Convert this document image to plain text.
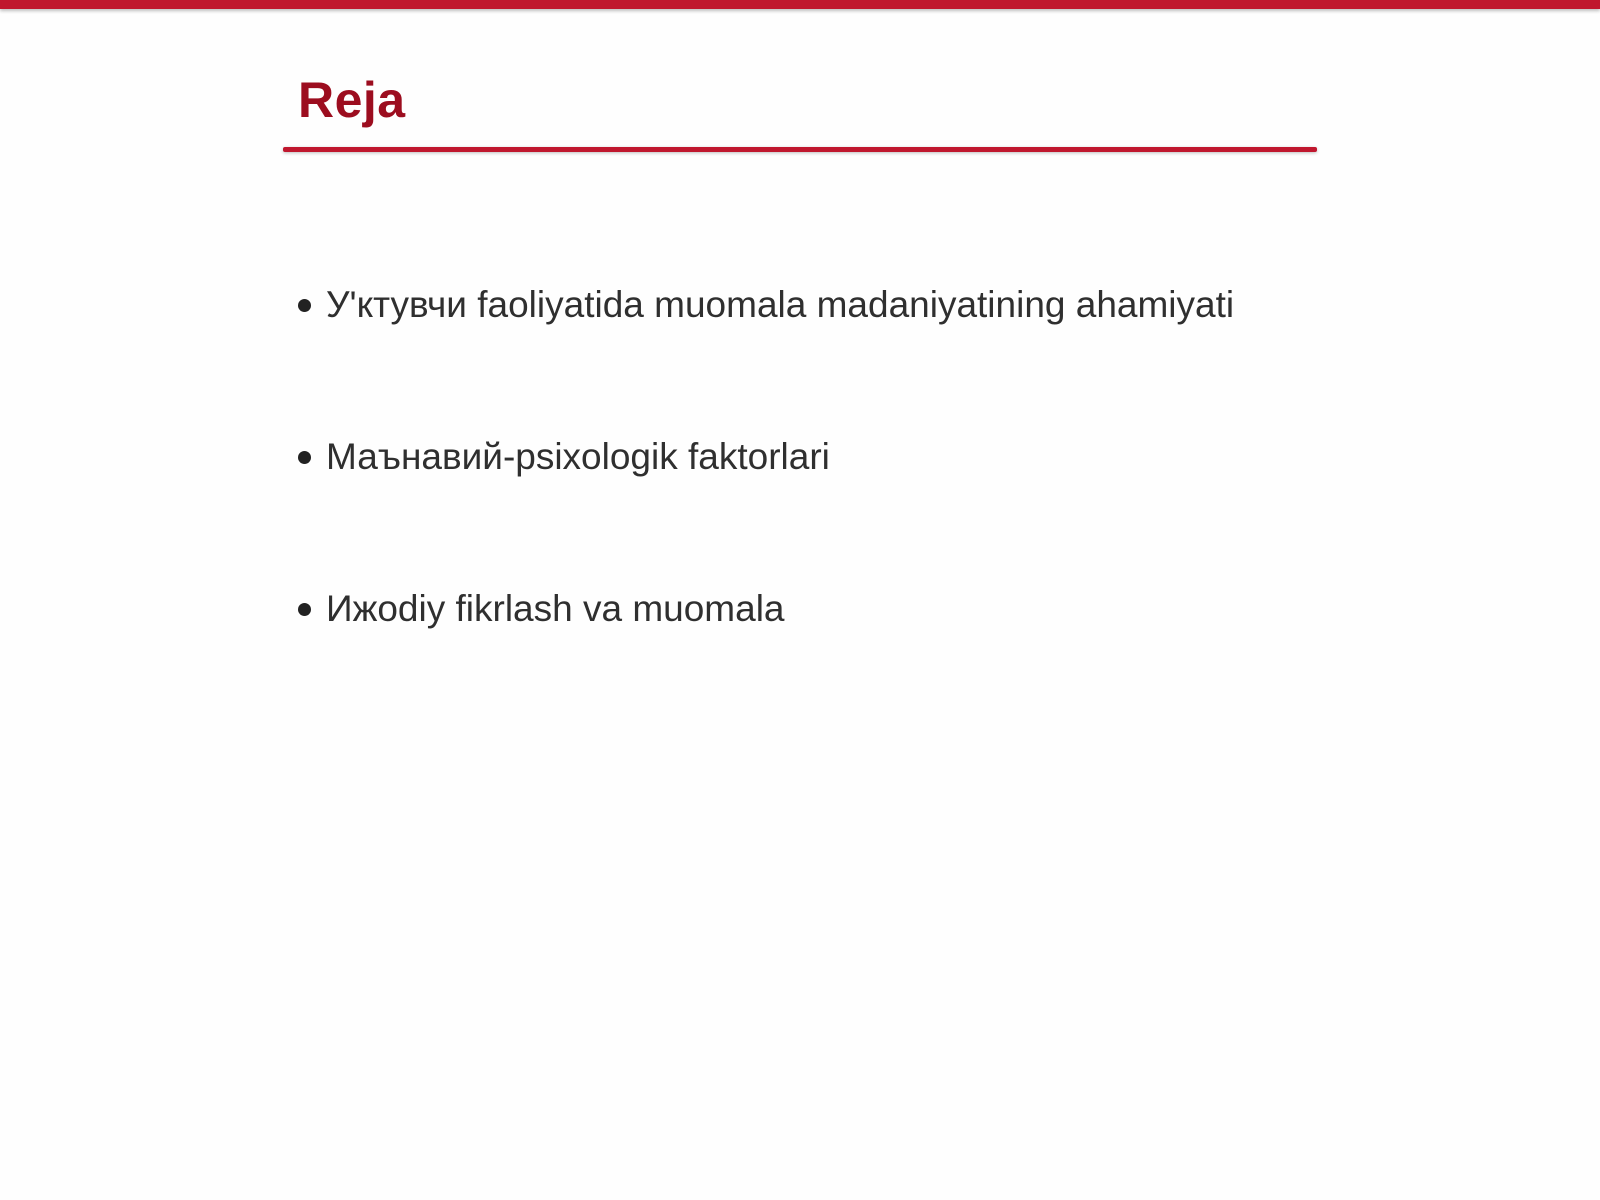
Reja
У'ктувчи faoliyatida muomala madaniyatining ahamiyati
Маънавий-psixologik faktorlari
Ижodiy fikrlash va muomala
